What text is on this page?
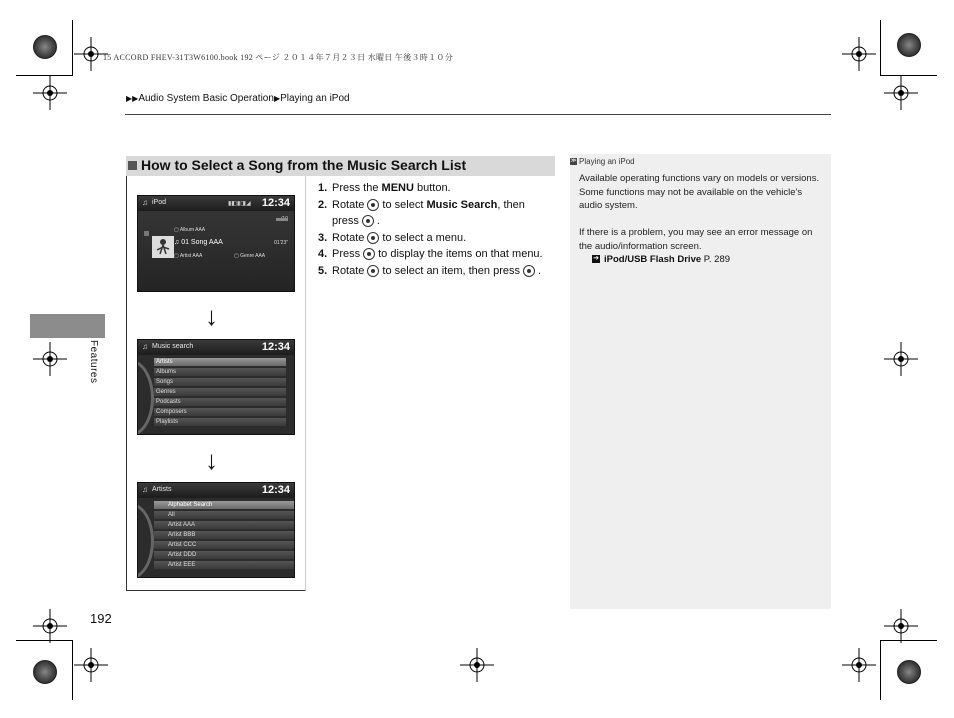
15 ACCORD FHEV-31T3W6100.book 192 ページ ２０１４年７月２３日 水曜日 午後３時１０分
▶▶Audio System Basic Operation▶Playing an iPod
Features
How to Select a Song from the Music Search List
♫ iPod	▮◧▮◨◢ 12:34
▢ Album AAA
♫ 01 Song AAA	01'23"
▢ Artist AAA	▢ Genre AAA
↓
♫ Music search	12:34
Artists
Albums
Songs
Genres
Podcasts
Composers
Playlists
↓
♫ Artists	12:34
Alphabet Search
All
Artist AAA
Artist BBB
Artist CCC
Artist DDD
Artist EEE
1. Press the MENU button.
2. Rotate to select Music Search, then
press .
3. Rotate to select a menu.
4. Press to display the items on that menu.
5. Rotate to select an item, then press .
≫ Playing an iPod
Available operating functions vary on models or versions. Some functions may not be available on the vehicle's audio system.
If there is a problem, you may see an error message on the audio/information screen.
➔ iPod/USB Flash Drive P. 289
192
